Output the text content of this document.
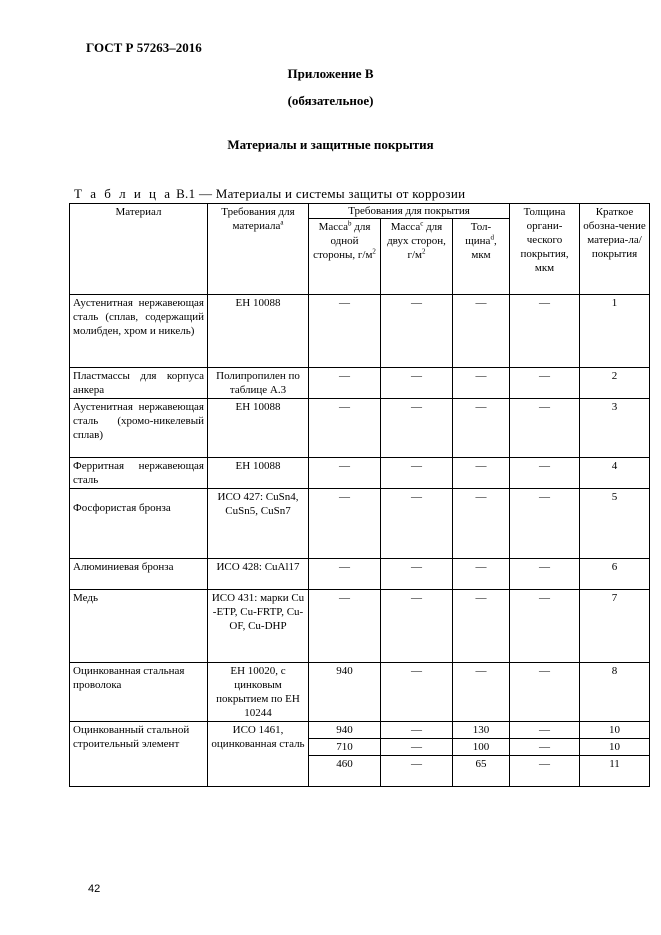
ГОСТ Р 57263–2016
Приложение В
(обязательное)
Материалы и защитные покрытия
Т а б л и ц а В.1 — Материалы и системы защиты от коррозии
Материал	Требования для материала$^a$	Требования для покрытия			Толщина органи-ческого покрытия, мкм	Краткое обозна-чение материа-ла/ покрытия
		Масса$^b$ для одной стороны, $г/м^2$	Масса$^c$ для двух сторон, $г/м^2$	Тол-щина$^d$, мкм		
Аустенитная нержавеющая сталь (сплав, содержащий молибден, хром и никель)	ЕН 10088	—	—	—	—	1
Пластмассы для корпуса анкера	Полипропилен по таблице А.3	—	—	—	—	2
Аустенитная нержавеющая сталь (хромо-никелевый сплав)	ЕН 10088	—	—	—	—	3
Ферритная нержавеющая сталь	ЕН 10088	—	—	—	—	4
Фосфористая бронза	ИСО 427: CuSn4, CuSn5, CuSn7	—	—	—	—	5
Алюминиевая бронза	ИСО 428: CuAl17	—	—	—	—	6
Медь	ИСО 431: марки Cu -ETP, Cu-FRTP, Cu-OF, Cu-DHP	—	—	—	—	7
Оцинкованная стальная проволока	ЕН 10020, с цинковым покрытием по ЕН 10244	940	—	—	—	8
Оцинкованный стальной строительный элемент	ИСО 1461, оцинкованная сталь	940	—	130	—	10
		710	—	100	—	10
		460	—	65	—	11
42
